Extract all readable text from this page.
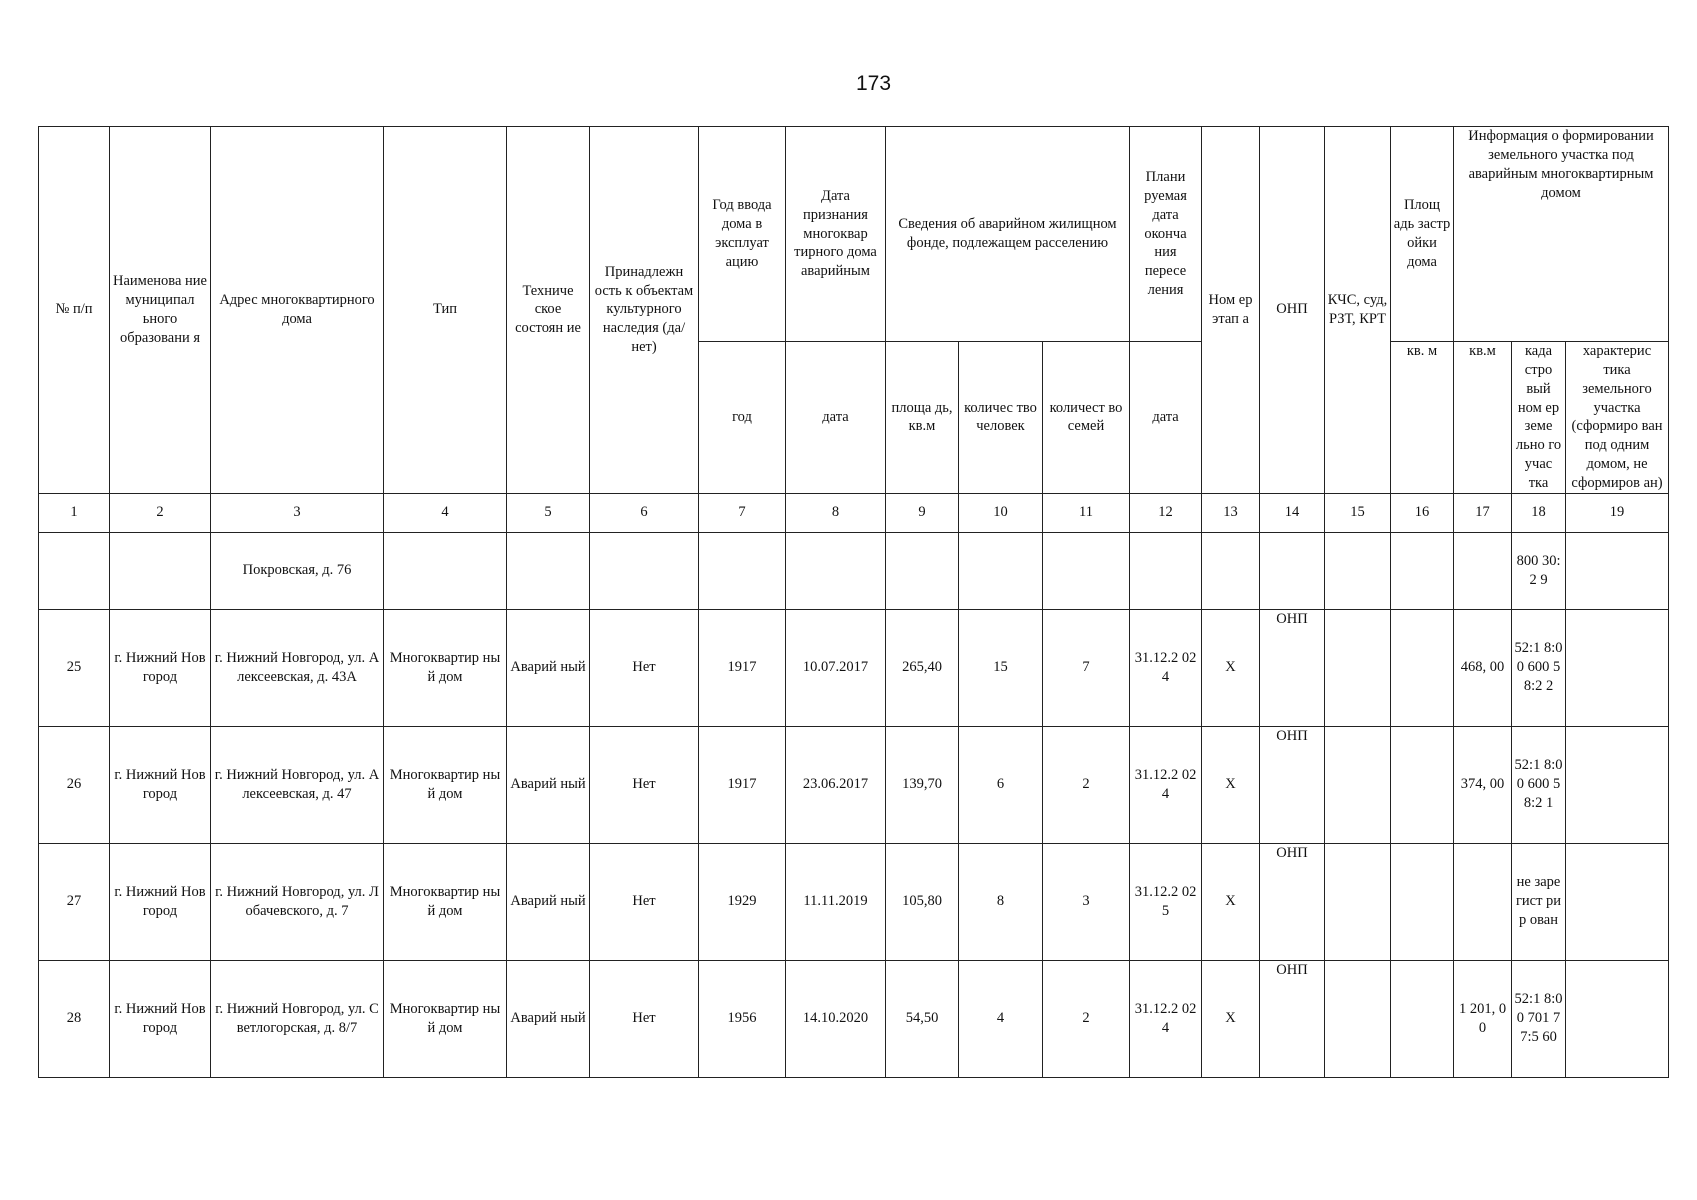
173
№ п/п	Наименова ние муниципал ьного образовани я	Адрес многоквартирного дома	Тип	Техниче ское состоян ие	Принадлежн ость к объектам культурного наследия (да/нет)	Год ввода дома в эксплуат ацию	Дата признания многоквар тирного дома аварийным	Сведения об аварийном жилищном фонде, подлежащем расселению			Плани руемая дата оконча ния пересе ления	Ном ер этап а	ОНП	КЧС, суд, РЗТ, КРТ	Площ адь застр ойки дома	Информация о формировании земельного участка под аварийным многоквартирным домом		
						год	дата	площа дь, кв.м	количес тво человек	количест во семей	дата				кв. м	кв.м	када стро вый ном ер земе льно го учас тка	характерис тика земельного участка (сформиро ван под одним домом, не сформиров ан)
1	2	3	4	5	6	7	8	9	10	11	12	13	14	15	16	17	18	19
		Покровская, д. 76															800 30:2 9	
25	г. Нижний Новгород	г. Нижний Новгород, ул. Алексеевская, д. 43А	Многоквартир ный дом	Аварий ный	Нет	1917	10.07.2017	265,40	15	7	31.12.2 024	Х	ОНП			468, 00	52:1 8:00 600 58:2 2	
26	г. Нижний Новгород	г. Нижний Новгород, ул. Алексеевская, д. 47	Многоквартир ный дом	Аварий ный	Нет	1917	23.06.2017	139,70	6	2	31.12.2 024	Х	ОНП			374, 00	52:1 8:00 600 58:2 1	
27	г. Нижний Новгород	г. Нижний Новгород, ул. Лобачевского, д. 7	Многоквартир ный дом	Аварий ный	Нет	1929	11.11.2019	105,80	8	3	31.12.2 025	Х	ОНП				не заре гист рир ован	
28	г. Нижний Новгород	г. Нижний Новгород, ул. Светлогорская, д. 8/7	Многоквартир ный дом	Аварий ный	Нет	1956	14.10.2020	54,50	4	2	31.12.2 024	Х	ОНП			1 201, 00	52:1 8:00 701 77:5 60	
